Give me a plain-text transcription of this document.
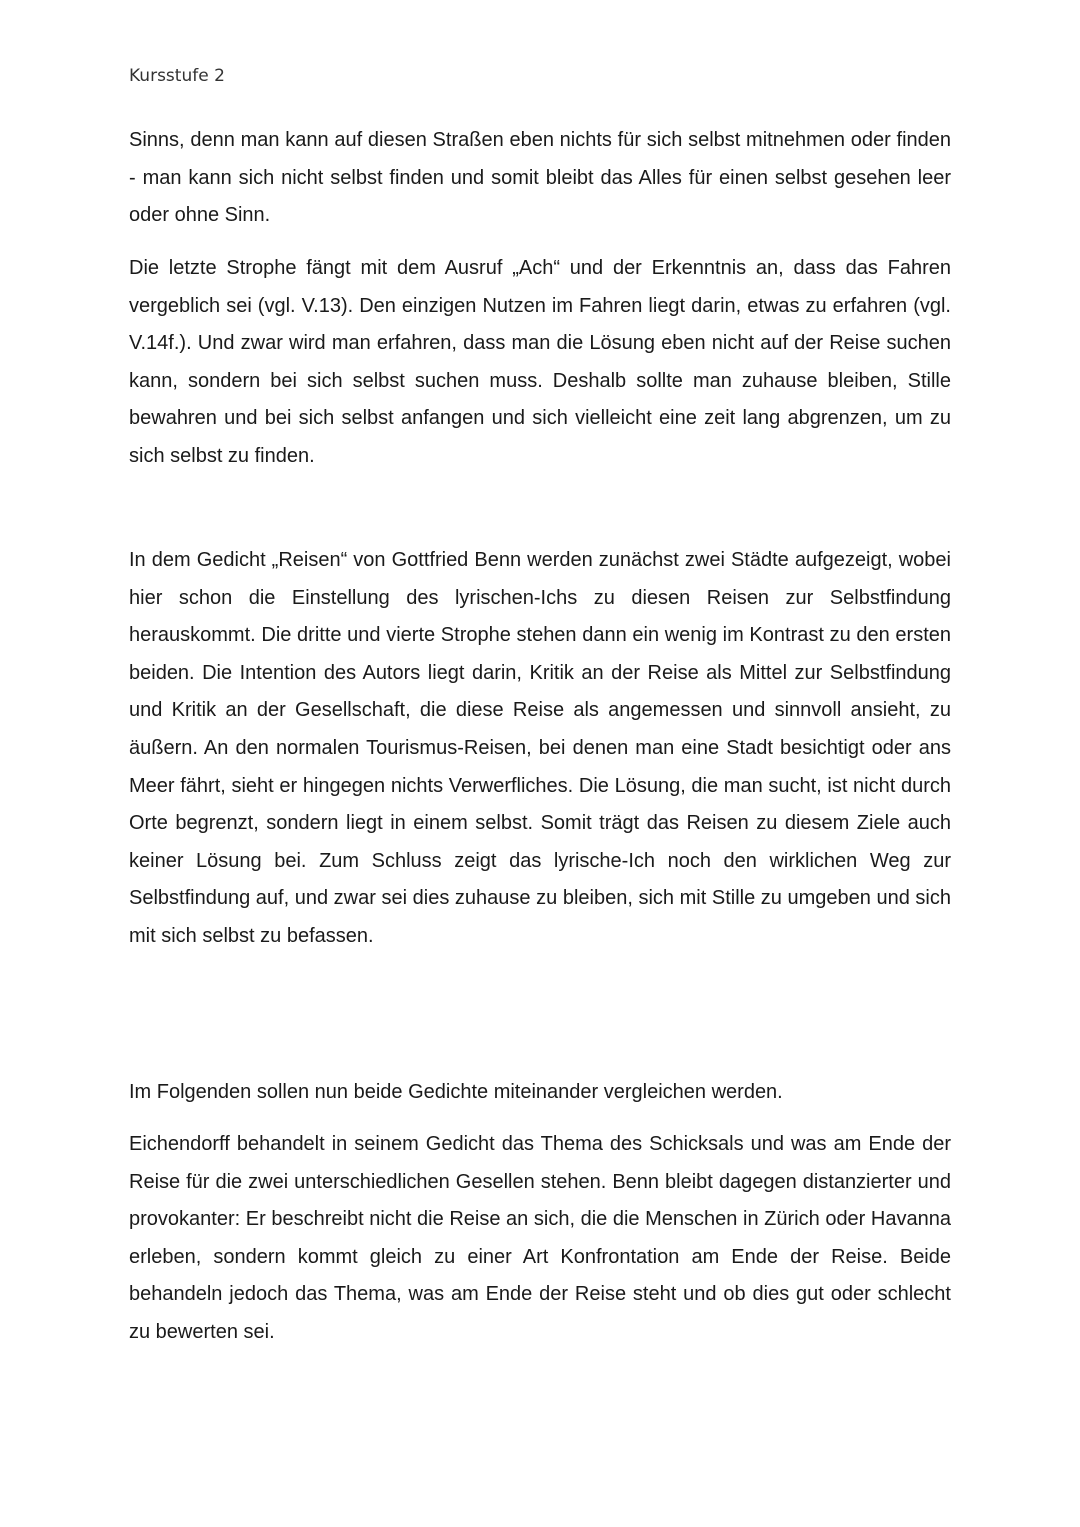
Kursstufe 2

Sinns, denn man kann auf diesen Straßen eben nichts für sich selbst mitnehmen oder finden - man kann sich nicht selbst finden und somit bleibt das Alles für einen selbst gesehen leer oder ohne Sinn.

Die letzte Strophe fängt mit dem Ausruf „Ach“ und der Erkenntnis an, dass das Fahren vergeblich sei (vgl. V.13). Den einzigen Nutzen im Fahren liegt darin, etwas zu erfahren (vgl. V.14f.). Und zwar wird man erfahren, dass man die Lösung eben nicht auf der Reise suchen kann, sondern bei sich selbst suchen muss. Deshalb sollte man zuhause bleiben, Stille bewahren und bei sich selbst anfangen und sich vielleicht eine zeit lang abgrenzen, um zu sich selbst zu finden.

In dem Gedicht „Reisen“ von Gottfried Benn werden zunächst zwei Städte aufgezeigt, wobei hier schon die Einstellung des lyrischen-Ichs zu diesen Reisen zur Selbstfindung herauskommt. Die dritte und vierte Strophe stehen dann ein wenig im Kontrast zu den ersten beiden. Die Intention des Autors liegt darin, Kritik an der Reise als Mittel zur Selbstfindung und Kritik an der Gesellschaft, die diese Reise als angemessen und sinnvoll ansieht, zu äußern. An den normalen Tourismus-Reisen, bei denen man eine Stadt besichtigt oder ans Meer fährt, sieht er hingegen nichts Verwerfliches. Die Lösung, die man sucht, ist nicht durch Orte begrenzt, sondern liegt in einem selbst. Somit trägt das Reisen zu diesem Ziele auch keiner Lösung bei. Zum Schluss zeigt das lyrische-Ich noch den wirklichen Weg zur Selbstfindung auf, und zwar sei dies zuhause zu bleiben, sich mit Stille zu umgeben und sich mit sich selbst zu befassen.

Im Folgenden sollen nun beide Gedichte miteinander vergleichen werden.

Eichendorff behandelt in seinem Gedicht das Thema des Schicksals und was am Ende der Reise für die zwei unterschiedlichen Gesellen stehen. Benn bleibt dagegen distanzierter und provokanter: Er beschreibt nicht die Reise an sich, die die Menschen in Zürich oder Havanna erleben, sondern kommt gleich zu einer Art Konfrontation am Ende der Reise. Beide behandeln jedoch das Thema, was am Ende der Reise steht und ob dies gut oder schlecht zu bewerten sei.
